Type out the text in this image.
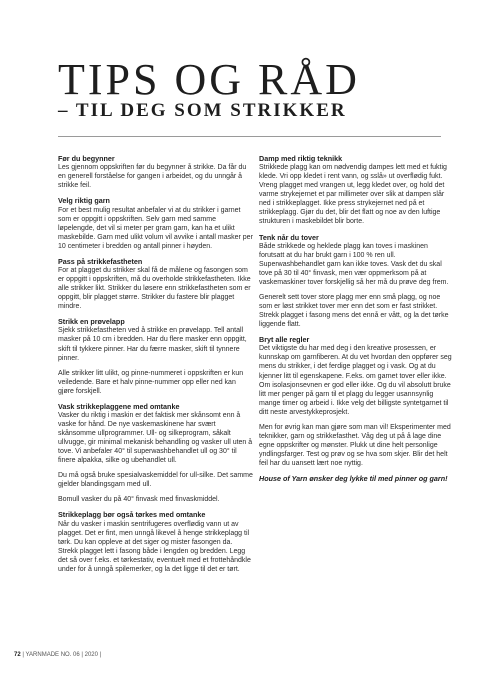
TIPS OG RÅD
– TIL DEG SOM STRIKKER
Før du begynner

Les gjennom oppskriften før du begynner å strikke. Da får du en generell forståelse for gangen i arbeidet, og du unngår å strikke feil.

Velg riktig garn

For et best mulig resultat anbefaler vi at du strikker i garnet som er oppgitt i oppskriften. Selv garn med samme løpelengde, det vil si meter per gram garn, kan ha et ulikt maskebilde. Garn med ulikt volum vil avvike i antall masker per 10 centimeter i bredden og antall pinner i høyden.

Pass på strikkefastheten

For at plagget du strikker skal få de målene og fasongen som er oppgitt i oppskriften, må du overholde strikkefastheten. Ikke alle strikker likt. Strikker du løsere enn strikkefastheten som er oppgitt, blir plagget større. Strikker du fastere blir plagget mindre.

Strikk en prøvelapp

Sjekk strikkefastheten ved å strikke en prøvelapp. Tell antall masker på 10 cm i bredden. Har du flere masker enn oppgitt, skift til tykkere pinner. Har du færre masker, skift til tynnere pinner.

Alle strikker litt ulikt, og pinne-nummeret i oppskriften er kun veiledende. Bare et halv pinne-nummer opp eller ned kan gjøre forskjell.

Vask strikkeplaggene med omtanke

Vasker du riktig i maskin er det faktisk mer skånsomt enn å vaske for hånd. De nye vaskemaskinene har svært skånsomme ullprogrammer. Ull- og silkeprogram, såkalt ullvugge, gir minimal mekanisk behandling og vasker ull uten å tove. Vi anbefaler 40° til superwashbehandlet ull og 30° til finere alpakka, silke og ubehandlet ull.

Du må også bruke spesialvaskemiddel for ull-silke. Det samme gjelder blandingsgarn med ull.

Bomull vasker du på 40° finvask med finvaskmiddel.

Strikkeplagg bør også tørkes med omtanke

Når du vasker i maskin sentrifugeres overflødig vann ut av plagget. Det er fint, men unngå likevel å henge strikkeplagg til tørk. Du kan oppleve at det siger og mister fasongen da. Strekk plagget lett i fasong både i lengden og bredden. Legg det så over f.eks. et tørkestativ, eventuelt med et frottehåndkle under for å unngå spilemerker, og la det ligge til det er tørt.

Damp med riktig teknikk

Strikkede plagg kan om nødvendig dampes lett med et fuktig klede. Vri opp kledet i rent vann, og sslå» ut overflødig fukt. Vreng plagget med vrangen ut, legg kledet over, og hold det varme strykejernet et par millimeter over slik at dampen slår ned i strikkeplagget. Ikke press strykejernet ned på et strikkeplagg. Gjør du det, blir det flatt og noe av den luftige strukturen i maskebildet blir borte.

Tenk når du tover

Både strikkede og heklede plagg kan toves i maskinen forutsatt at du har brukt garn i 100 % ren ull. Superwashbehandlet garn kan ikke toves. Vask det du skal tove på 30 til 40° finvask, men vær oppmerksom på at vaskemaskiner tover forskjellig så her må du prøve deg frem.

Generelt sett tover store plagg mer enn små plagg, og noe som er løst strikket tover mer enn det som er fast strikket. Strekk plagget i fasong mens det ennå er vått, og la det tørke liggende flatt.

Bryt alle regler

Det viktigste du har med deg i den kreative prosessen, er kunnskap om garnfiberen. At du vet hvordan den oppfører seg mens du strikker, i det ferdige plagget og i vask. Og at du kjenner litt til egenskapene. F.eks. om garnet tover eller ikke. Om isolasjonsevnen er god eller ikke. Og du vil absolutt bruke litt mer penger på garn til et plagg du legger usannsynlig mange timer og arbeid i. Ikke velg det billigste syntetgarnet til ditt neste arvestykkeprosjekt.

Men for øvrig kan man gjøre som man vil! Eksperimenter med teknikker, garn og strikkefasthet. Våg deg ut på å lage dine egne oppskrifter og mønster. Plukk ut dine helt personlige yndlingsfarger. Test og prøv og se hva som skjer. Blir det helt feil har du uansett lært noe nyttig.

House of Yarn ønsker deg lykke til med pinner og garn!

72 | YARNMADE NO. 06 | 2020 |
